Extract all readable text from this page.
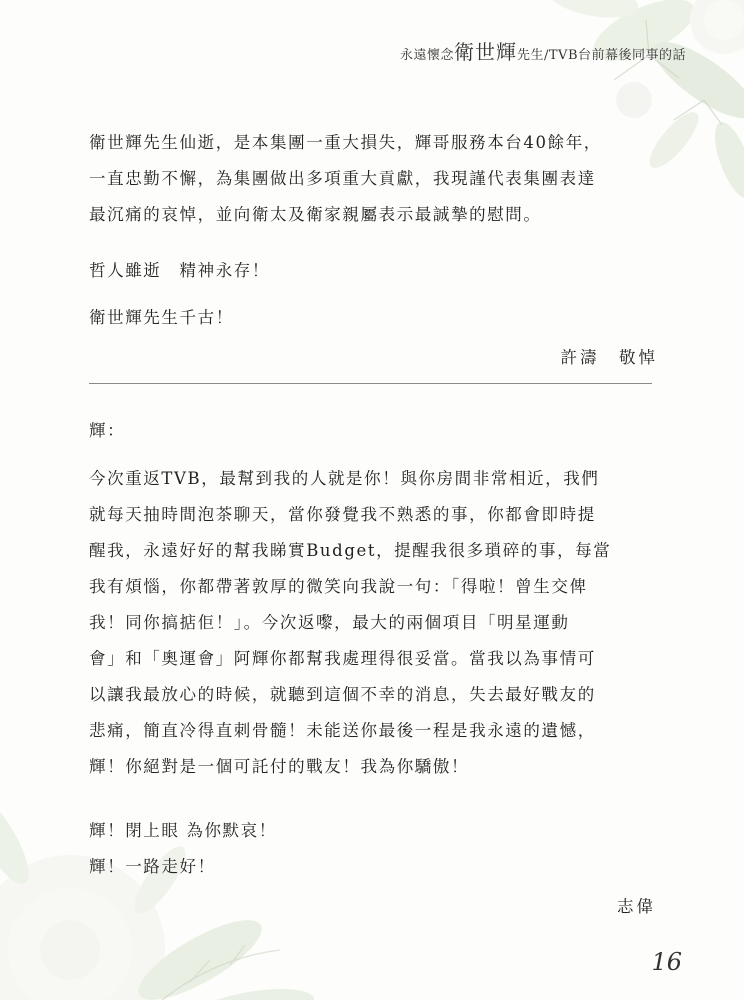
永遠懷念衛世輝先生/TVB台前幕後同事的話

衛世輝先生仙逝，是本集團一重大損失，輝哥服務本台40餘年，
一直忠勤不懈，為集團做出多項重大貢獻，我現謹代表集團表達
最沉痛的哀悼，並向衛太及衛家親屬表示最誠摯的慰問。

哲人雖逝　精神永存！

衛世輝先生千古！

許濤　敬悼

輝：

今次重返TVB，最幫到我的人就是你！與你房間非常相近，我們
就每天抽時間泡茶聊天，當你發覺我不熟悉的事，你都會即時提
醒我，永遠好好的幫我睇實Budget，提醒我很多瑣碎的事，每當
我有煩惱，你都帶著敦厚的微笑向我說一句：「得啦！曾生交俾
我！同你搞掂佢！」。今次返嚟，最大的兩個項目「明星運動
會」和「奧運會」阿輝你都幫我處理得很妥當。當我以為事情可
以讓我最放心的時候，就聽到這個不幸的消息，失去最好戰友的
悲痛，簡直冷得直刺骨髓！未能送你最後一程是我永遠的遺憾，
輝！你絕對是一個可託付的戰友！我為你驕傲！

輝！閉上眼 為你默哀！
輝！一路走好！

志偉
16
